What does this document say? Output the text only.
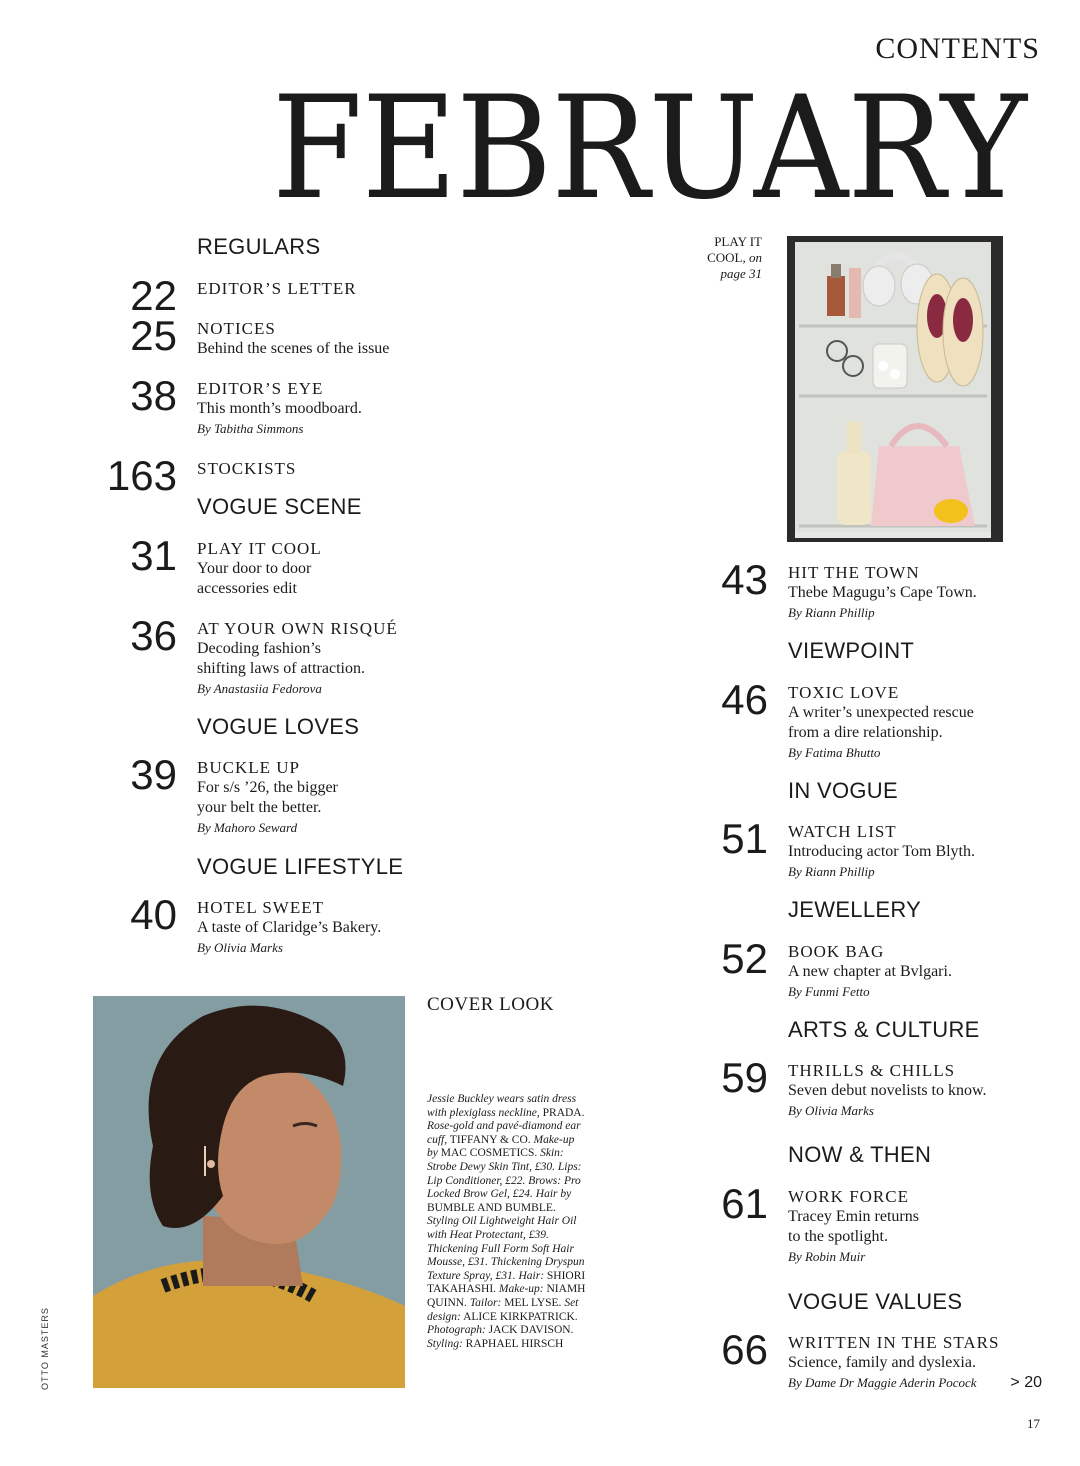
CONTENTS
FEBRUARY
REGULARS
22 EDITOR’S LETTER
25 NOTICES
Behind the scenes of the issue
38 EDITOR’S EYE
This month’s moodboard.
By Tabitha Simmons
163 STOCKISTS
VOGUE SCENE
31 PLAY IT COOL
Your door to door
accessories edit
36 AT YOUR OWN RISQUÉ
Decoding fashion’s
shifting laws of attraction.
By Anastasiia Fedorova
VOGUE LOVES
39 BUCKLE UP
For s/s ’26, the bigger
your belt the better.
By Mahoro Seward
VOGUE LIFESTYLE
40 HOTEL SWEET
A taste of Claridge’s Bakery.
By Olivia Marks
43 HIT THE TOWN
Thebe Magugu’s Cape Town.
By Riann Phillip
VIEWPOINT
46 TOXIC LOVE
A writer’s unexpected rescue
from a dire relationship.
By Fatima Bhutto
IN VOGUE
51 WATCH LIST
Introducing actor Tom Blyth.
By Riann Phillip
JEWELLERY
52 BOOK BAG
A new chapter at Bvlgari.
By Funmi Fetto
ARTS & CULTURE
59 THRILLS & CHILLS
Seven debut novelists to know.
By Olivia Marks
NOW & THEN
61 WORK FORCE
Tracey Emin returns
to the spotlight.
By Robin Muir
VOGUE VALUES
66 WRITTEN IN THE STARS
Science, family and dyslexia.
By Dame Dr Maggie Aderin Pocock
PLAY IT
COOL, on
page 31
COVER LOOK
Jessie Buckley wears satin dress with plexiglass neckline, PRADA. Rose-gold and pavé-diamond ear cuff, TIFFANY & CO. Make-up by MAC COSMETICS. Skin: Strobe Dewy Skin Tint, £30. Lips: Lip Conditioner, £22. Brows: Pro Locked Brow Gel, £24. Hair by BUMBLE AND BUMBLE. Styling Oil Lightweight Hair Oil with Heat Protectant, £39. Thickening Full Form Soft Hair Mousse, £31. Thickening Dryspun Texture Spray, £31. Hair: SHIORI TAKAHASHI. Make-up: NIAMH QUINN. Tailor: MEL LYSE. Set design: ALICE KIRKPATRICK. Photograph: JACK DAVISON. Styling: RAPHAEL HIRSCH
OTTO MASTERS	> 20
17
